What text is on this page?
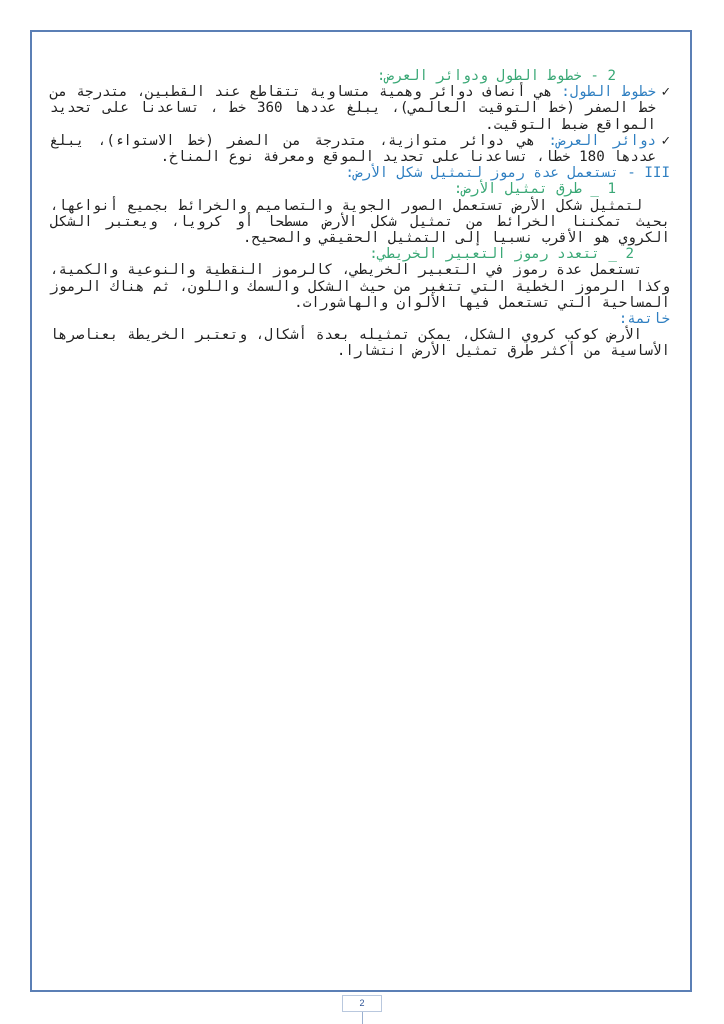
2 - خطوط الطول ودوائر العرض:

✓
خطوط الطول: هي أنصاف دوائر وهمية متساوية تتقاطع عند القطبين، متدرجة من خط الصفر (خط التوقيت العالمي)، يبلغ عددها 360 خط ، تساعدنا على تحديد المواقع ضبط التوقيت.

✓
دوائر العرض: هي دوائر متوازية، متدرجة من الصفر (خط الاستواء)، يبلغ عددها 180 خطا، تساعدنا على تحديد الموقع ومعرفة نوع المناخ.

III - تستعمل عدة رموز لتمثيل شكل الأرض:

1 _ طرق تمثيل الأرض:

لتمثيل شكل الأرض تستعمل الصور الجوية والتصاميم والخرائط بجميع أنواعها، بحيث تمكننا الخرائط من تمثيل شكل الأرض مسطحا أو كرويا، ويعتبر الشكل الكروي هو الأقرب نسبيا إلى التمثيل الحقيقي والصحيح.

2 _ تتعدد رموز التعبير الخريطي:

تستعمل عدة رموز في التعبير الخريطي، كالرموز النقطية والنوعية والكمية، وكذا الرموز الخطية التي تتغير من حيث الشكل والسمك واللون، ثم هناك الرموز المساحية التي تستعمل فيها الألوان والهاشورات.

خاتمة:

الأرض كوكب كروي الشكل، يمكن تمثيله بعدة أشكال، وتعتبر الخريطة بعناصرها الأساسية من أكثر طرق تمثيل الأرض انتشارا.

2
